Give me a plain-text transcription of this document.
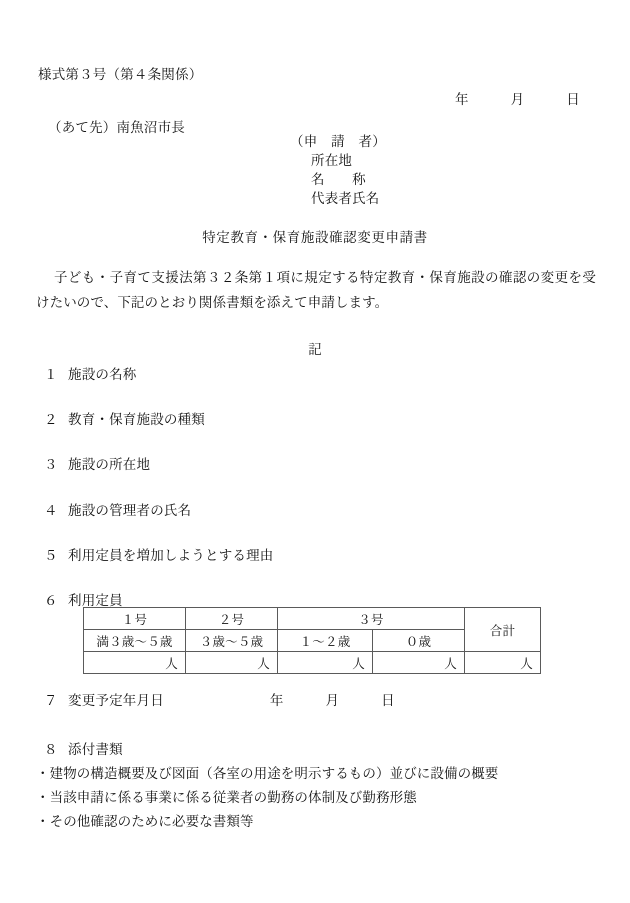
様式第３号（第４条関係）
年　　　月　　　日
（あて先）南魚沼市長
（申　請　者）
所在地
名　　称
代表者氏名
特定教育・保育施設確認変更申請書
子ども・子育て支援法第３２条第１項に規定する特定教育・保育施設の確認の変更を受けたいので、下記のとおり関係書類を添えて申請します。
記
１ 施設の名称
２ 教育・保育施設の種類
３ 施設の所在地
４ 施設の管理者の氏名
５ 利用定員を増加しようとする理由
６ 利用定員
１号	２号	３号		合計
満３歳〜５歳	３歳〜５歳	１〜２歳	０歳	
人	人	人	人	人
７ 変更予定年月日	年　　　月　　　日
８ 添付書類
・建物の構造概要及び図面（各室の用途を明示するもの）並びに設備の概要
・当該申請に係る事業に係る従業者の勤務の体制及び勤務形態
・その他確認のために必要な書類等
